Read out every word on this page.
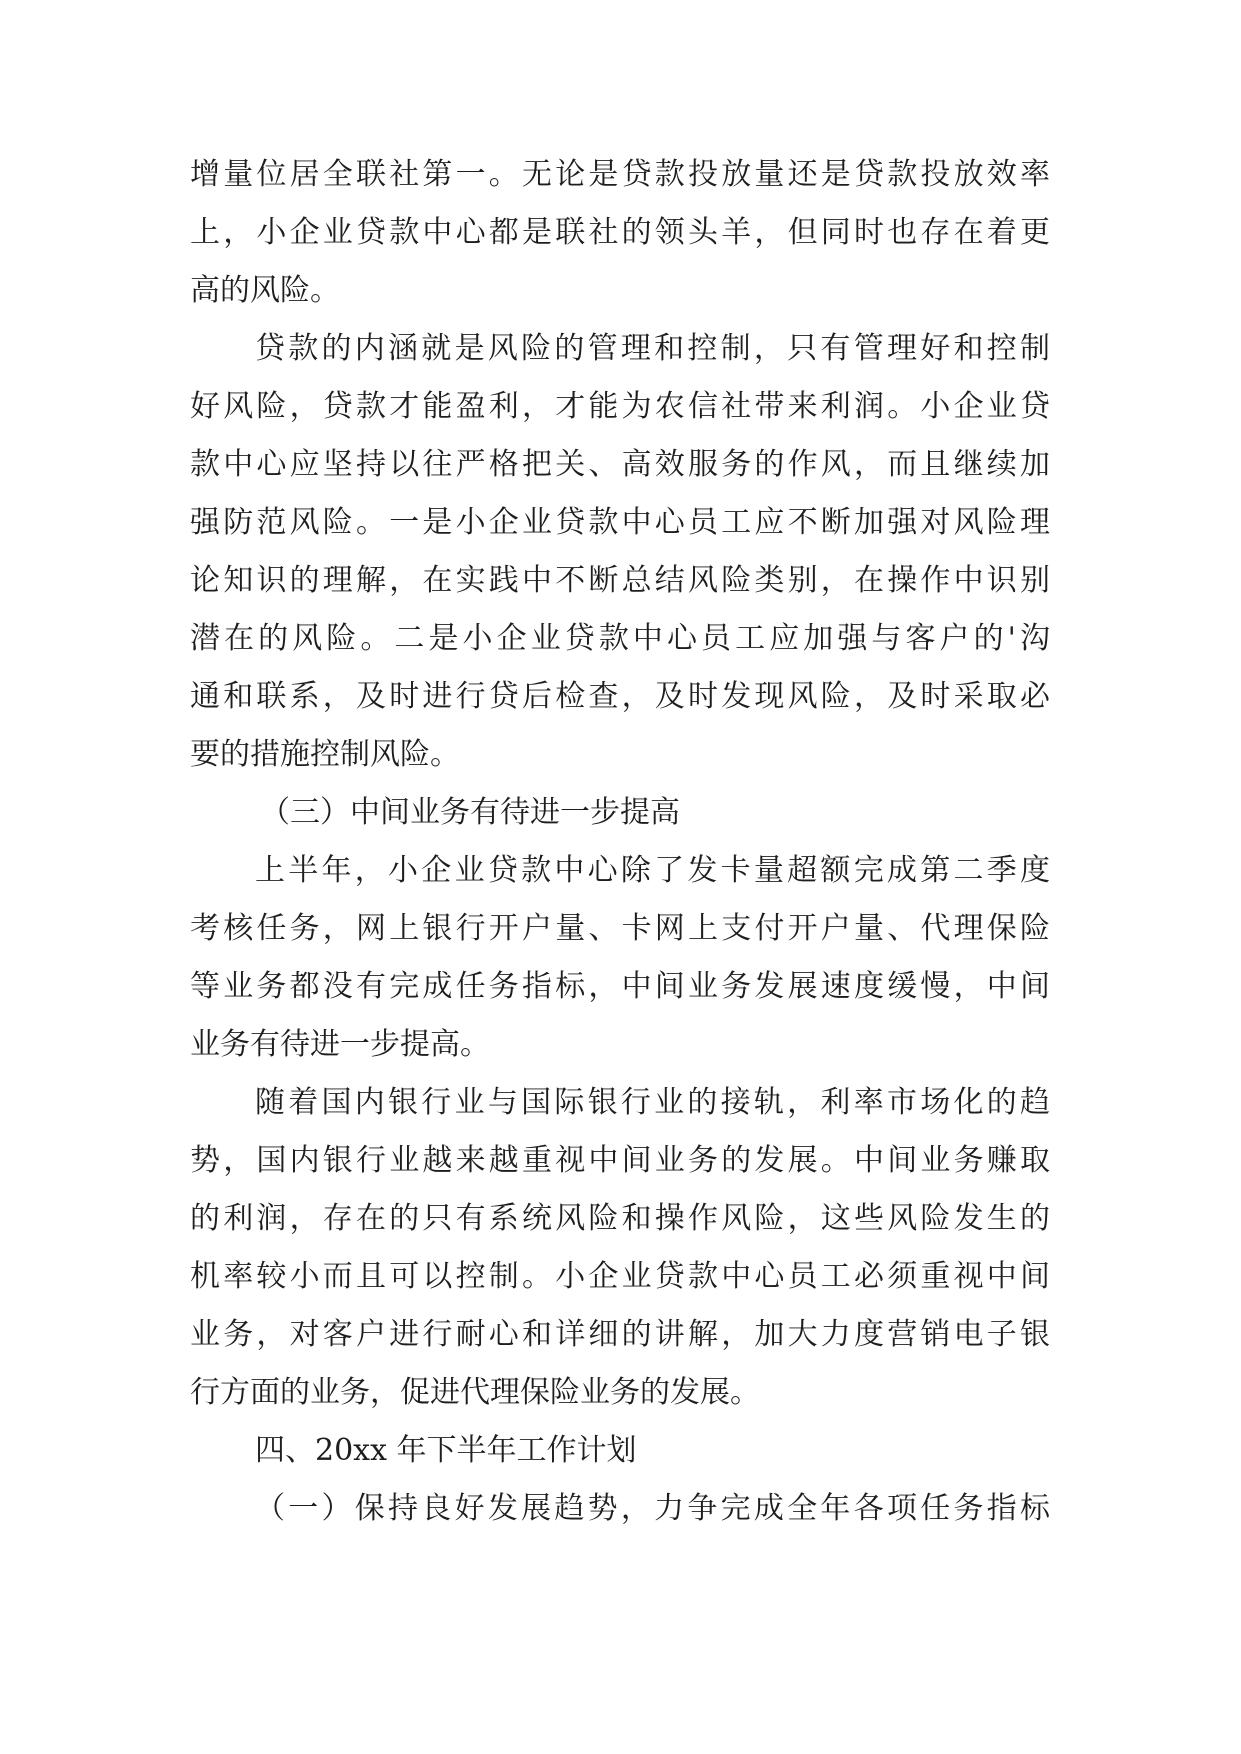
增量位居全联社第一。无论是贷款投放量还是贷款投放效率
上，小企业贷款中心都是联社的领头羊，但同时也存在着更
高的风险。
贷款的内涵就是风险的管理和控制，只有管理好和控制
好风险，贷款才能盈利，才能为农信社带来利润。小企业贷
款中心应坚持以往严格把关、高效服务的作风，而且继续加
强防范风险。一是小企业贷款中心员工应不断加强对风险理
论知识的理解，在实践中不断总结风险类别，在操作中识别
潜在的风险。二是小企业贷款中心员工应加强与客户的'沟
通和联系，及时进行贷后检查，及时发现风险，及时采取必
要的措施控制风险。
（三）中间业务有待进一步提高
上半年，小企业贷款中心除了发卡量超额完成第二季度
考核任务，网上银行开户量、卡网上支付开户量、代理保险
等业务都没有完成任务指标，中间业务发展速度缓慢，中间
业务有待进一步提高。
随着国内银行业与国际银行业的接轨，利率市场化的趋
势，国内银行业越来越重视中间业务的发展。中间业务赚取
的利润，存在的只有系统风险和操作风险，这些风险发生的
机率较小而且可以控制。小企业贷款中心员工必须重视中间
业务，对客户进行耐心和详细的讲解，加大力度营销电子银
行方面的业务，促进代理保险业务的发展。
四、20xx 年下半年工作计划
（一）保持良好发展趋势，力争完成全年各项任务指标
